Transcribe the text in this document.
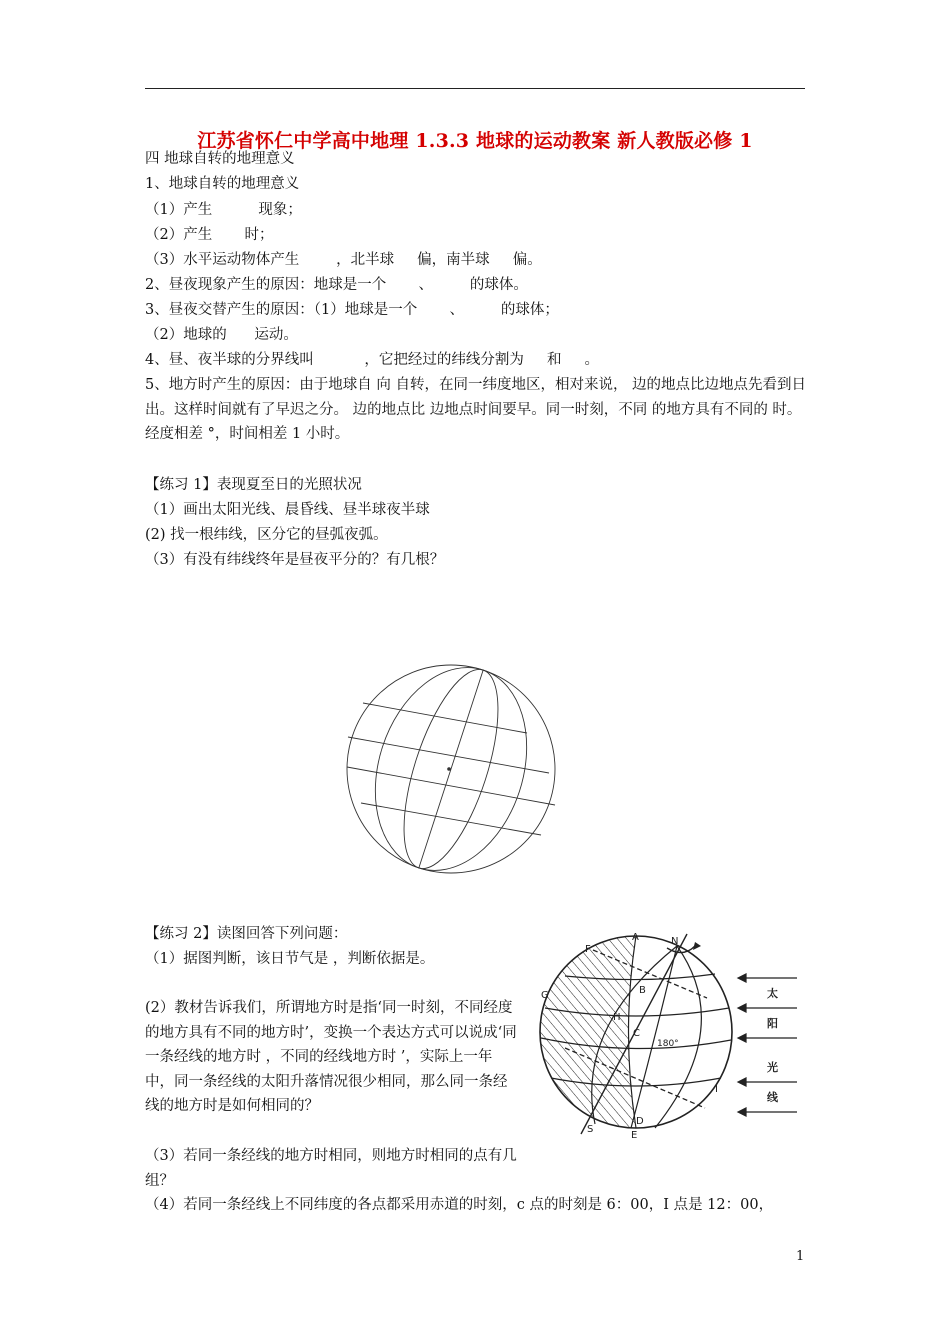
江苏省怀仁中学高中地理 1.3.3 地球的运动教案 新人教版必修 1
四 地球自转的地理意义
1、地球自转的地理意义
（1）产生          现象；
（2）产生       时；
（3）水平运动物体产生        ，北半球     偏，南半球     偏。
2、昼夜现象产生的原因：地球是一个       、        的球体。
3、昼夜交替产生的原因：（1）地球是一个       、        的球体；
（2）地球的      运动。
4、昼、夜半球的分界线叫           ，它把经过的纬线分割为     和     。
5、地方时产生的原因：由于地球自 向 自转，在同一纬度地区，相对来说， 边的地点比边地点先看到日出。这样时间就有了早迟之分。 边的地点比 边地点时间要早。同一时刻，不同 的地方具有不同的 时。经度相差 °，时间相差 1 小时。
【练习 1】表现夏至日的光照状况
（1）画出太阳光线、晨昏线、昼半球夜半球
(2) 找一根纬线，区分它的昼弧夜弧。
（3）有没有纬线终年是昼夜平分的？有几根？
【练习 2】读图回答下列问题：
（1）据图判断，该日节气是 ，判断依据是。
(2）教材告诉我们，所谓地方时是指‘同一时刻，不同经度的地方具有不同的地方时’，变换一个表达方式可以说成‘同一条经线的地方时 ，不同的经线地方时 ’，实际上一年中，同一条经线的太阳升落情况很少相同，那么同一条经线的地方时是如何相同的？
（3）若同一条经线的地方时相同，则地方时相同的点有几组？
（4）若同一条经线上不同纬度的各点都采用赤道的时刻，c 点的时刻是 6：00，I 点是 12：00，
A
B
C
D
E
F
G
H
I
N
S
180°
太
阳
光
线
1
